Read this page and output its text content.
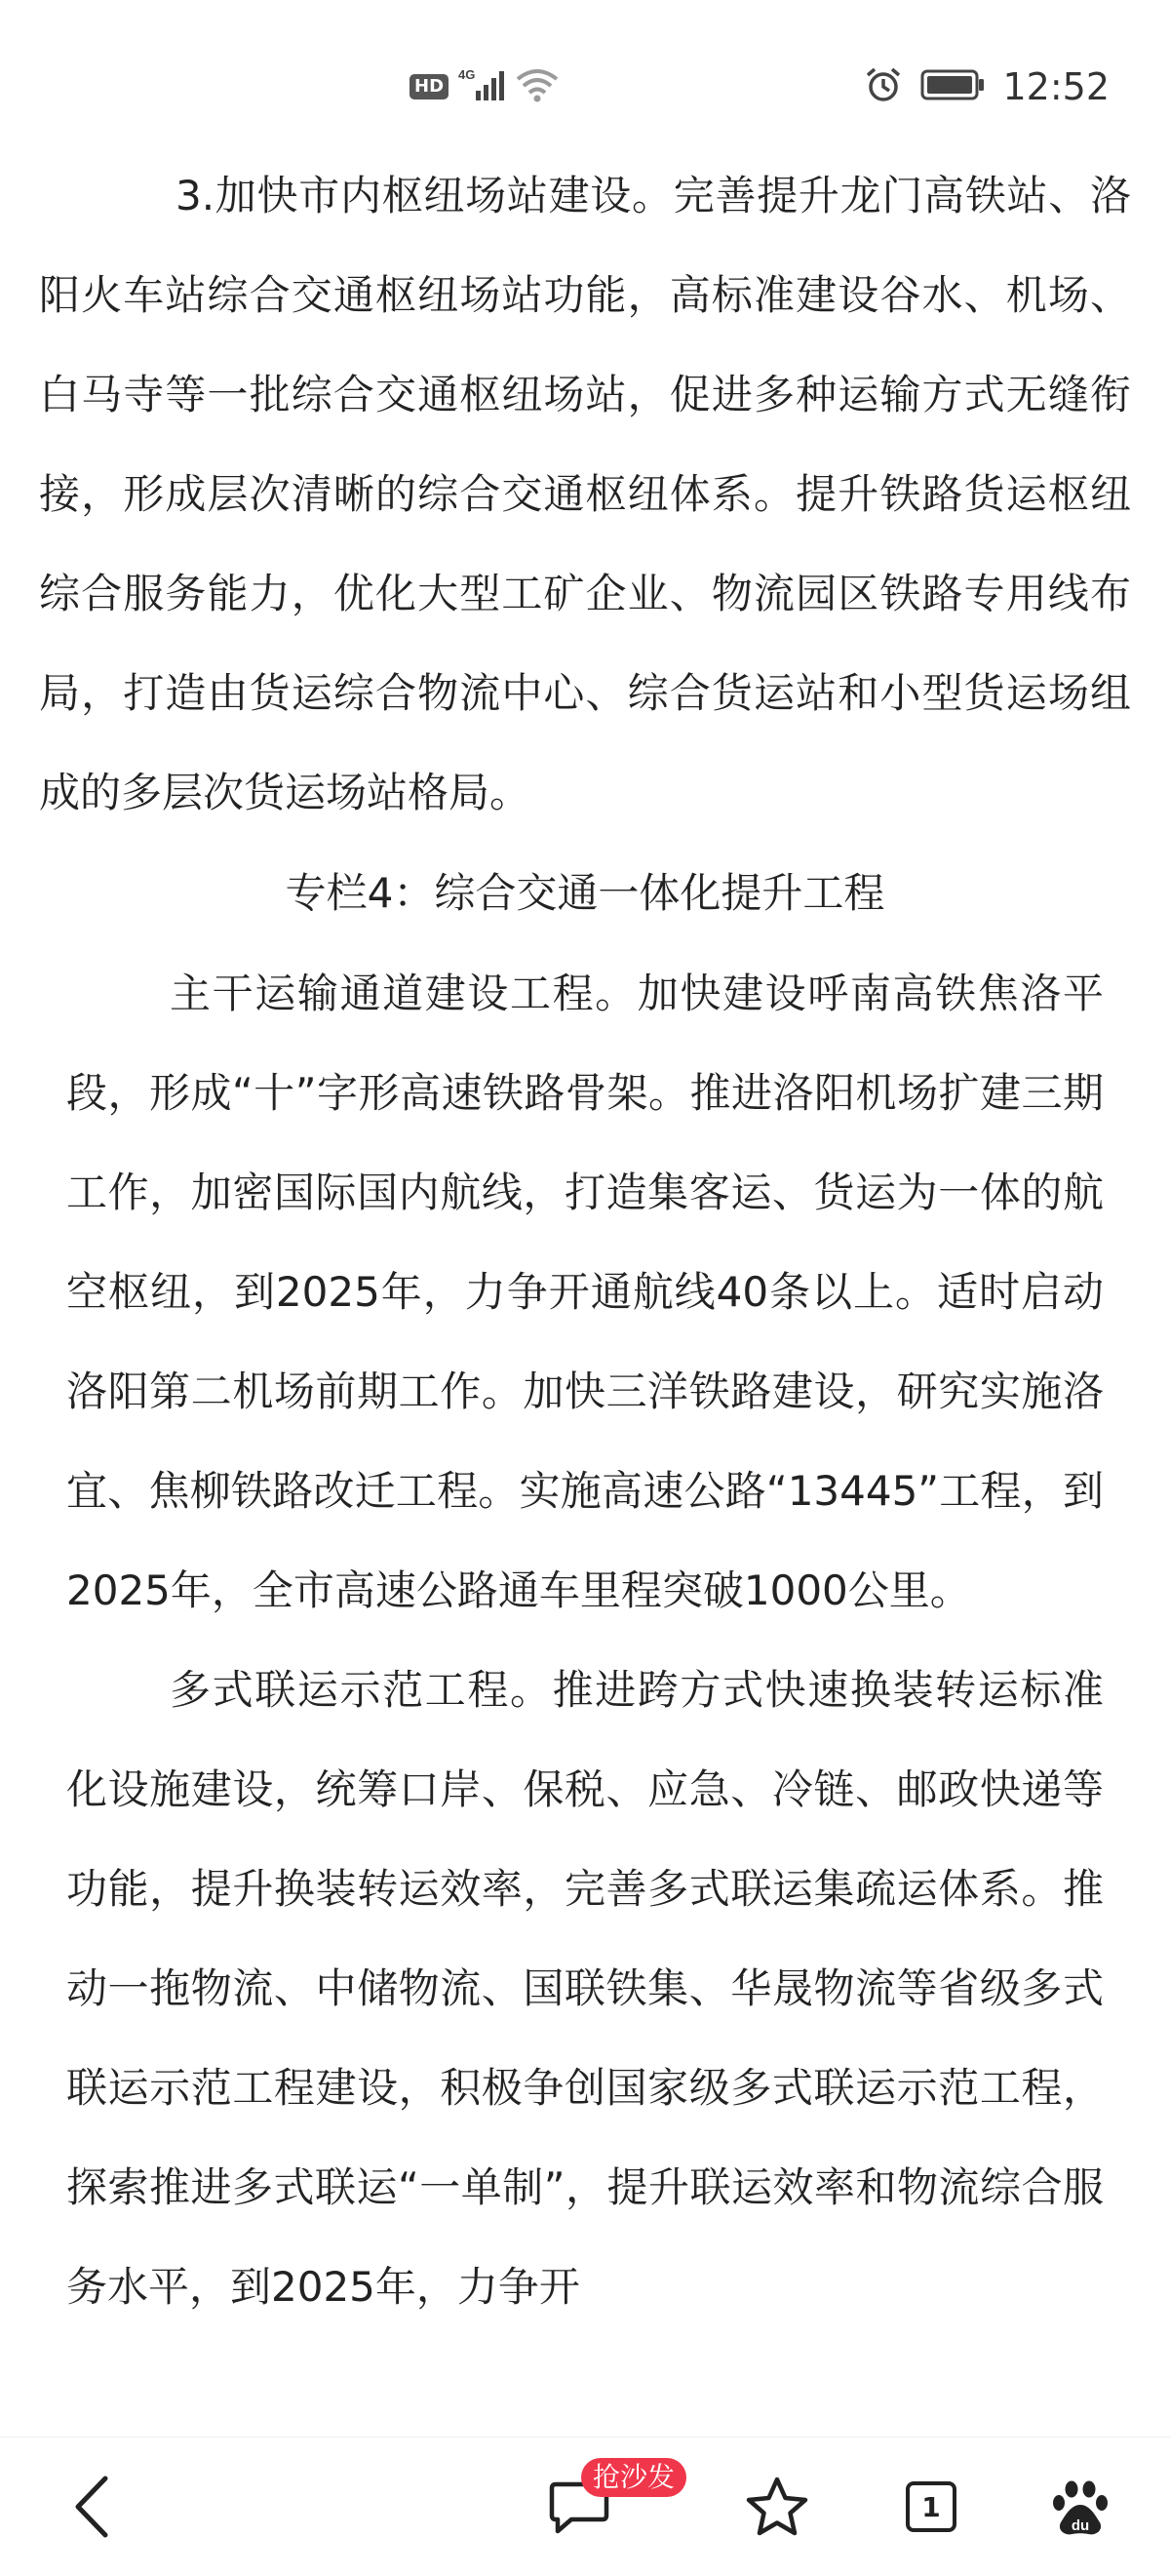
HD
4G	12:52

3.加快市内枢纽场站建设。完善提升龙门高铁站、洛阳火车站综合交通枢纽场站功能，高标准建设谷水、机场、白马寺等一批综合交通枢纽场站，促进多种运输方式无缝衔接，形成层次清晰的综合交通枢纽体系。提升铁路货运枢纽综合服务能力，优化大型工矿企业、物流园区铁路专用线布局，打造由货运综合物流中心、综合货运站和小型货运场组成的多层次货运场站格局。

专栏4：综合交通一体化提升工程

主干运输通道建设工程。加快建设呼南高铁焦洛平段，形成“十”字形高速铁路骨架。推进洛阳机场扩建三期工作，加密国际国内航线，打造集客运、货运为一体的航空枢纽，到2025年，力争开通航线40条以上。适时启动洛阳第二机场前期工作。加快三洋铁路建设，研究实施洛宜、焦柳铁路改迁工程。实施高速公路“13445”工程，到2025年，全市高速公路通车里程突破1000公里。

多式联运示范工程。推进跨方式快速换装转运标准化设施建设，统筹口岸、保税、应急、冷链、邮政快递等功能，提升换装转运效率，完善多式联运集疏运体系。推动一拖物流、中储物流、国联铁集、华晟物流等省级多式联运示范工程建设，积极争创国家级多式联运示范工程，探索推进多式联运“一单制”，提升联运效率和物流综合服务水平，到2025年，力争开

1
du
抢沙发
